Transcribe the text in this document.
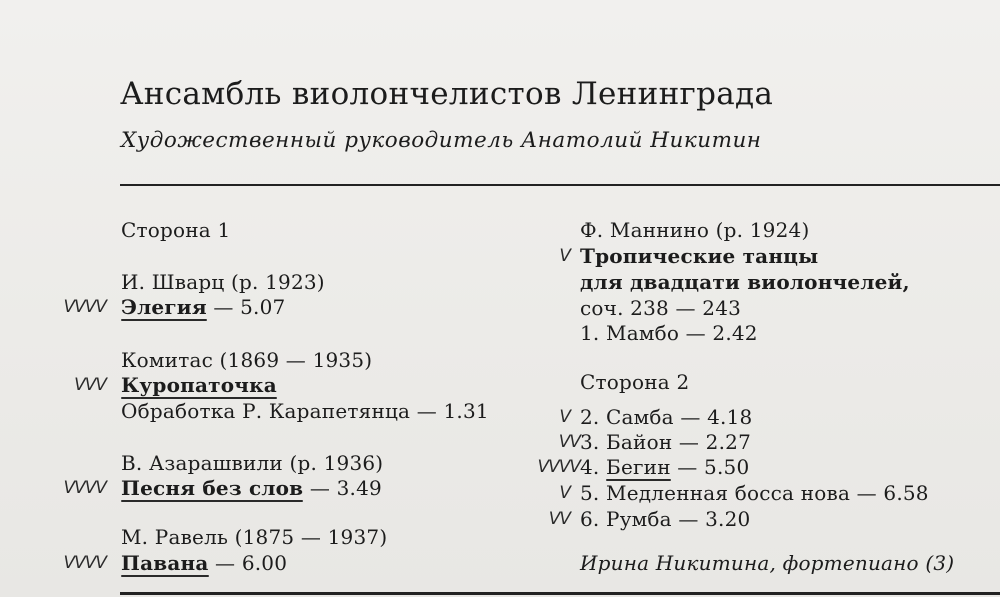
Ансамбль виолончелистов Ленинграда
Художественный руководитель Анатолий Никитин
Сторона 1
И. Шварц (р. 1923)
VVVV Элегия — 5.07
Комитас (1869 — 1935)
VVV Куропаточка
Обработка Р. Карапетянца — 1.31
В. Азарашвили (р. 1936)
VVVV Песня без слов — 3.49
М. Равель (1875 — 1937)
VVVV Павана — 6.00
Ф. Маннино (р. 1924)
V Тропические танцы
для двадцати виолончелей,
соч. 238 — 243
1. Мамбо — 2.42
Сторона 2
V 2. Самба — 4.18
VV 3. Байон — 2.27
VVVV 4. Бегин — 5.50
V 5. Медленная босса нова — 6.58
VV 6. Румба — 3.20
Ирина Никитина, фортепиано (3)
